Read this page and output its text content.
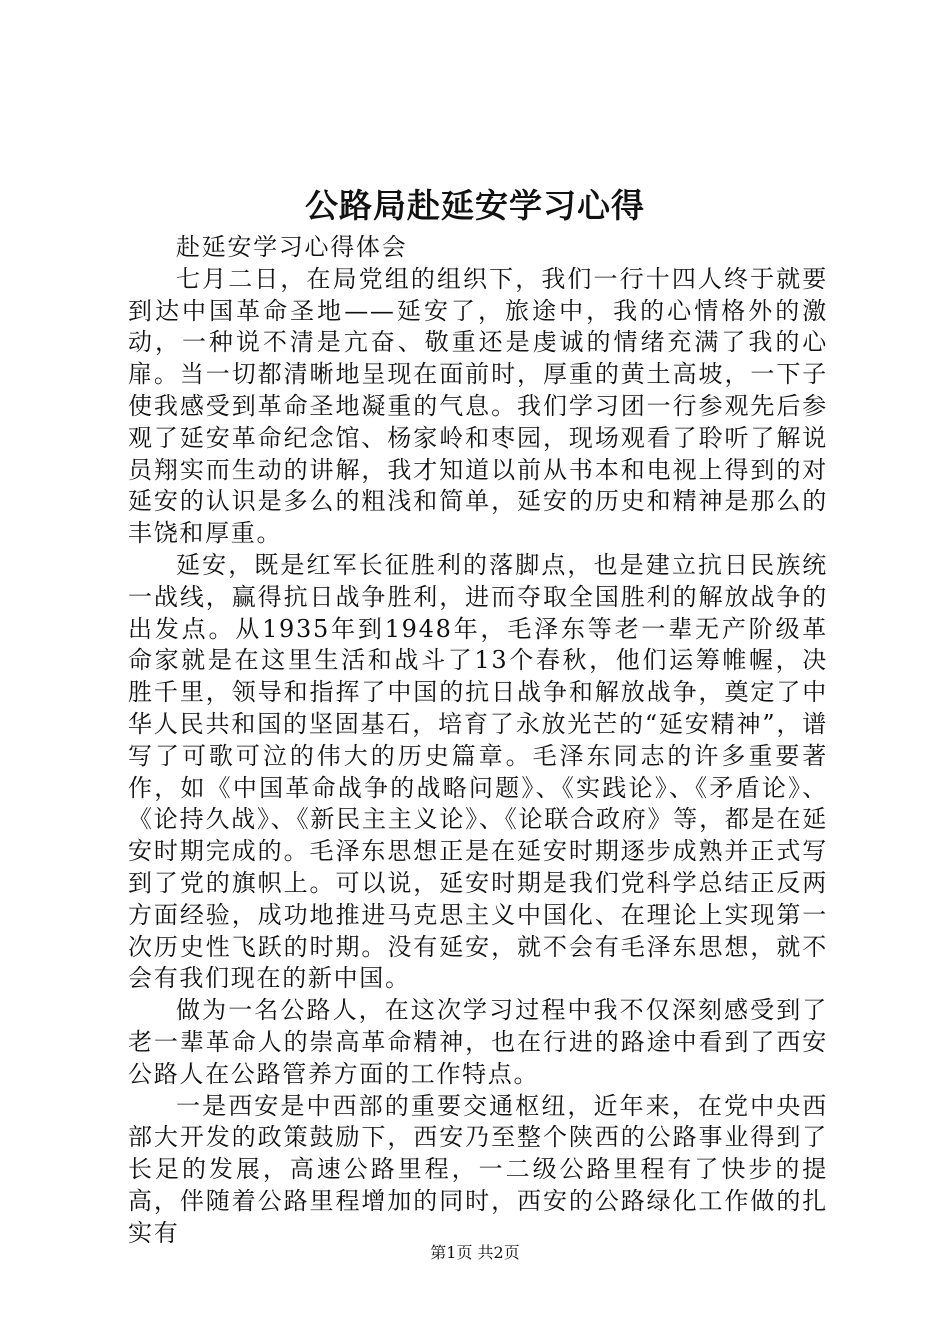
公路局赴延安学习心得

赴延安学习心得体会

七月二日，在局党组的组织下，我们一行十四人终于就要到达中国革命圣地——延安了，旅途中，我的心情格外的激动，一种说不清是亢奋、敬重还是虔诚的情绪充满了我的心扉。当一切都清晰地呈现在面前时，厚重的黄土高坡，一下子使我感受到革命圣地凝重的气息。我们学习团一行参观先后参观了延安革命纪念馆、杨家岭和枣园，现场观看了聆听了解说员翔实而生动的讲解，我才知道以前从书本和电视上得到的对延安的认识是多么的粗浅和简单，延安的历史和精神是那么的丰饶和厚重。

延安，既是红军长征胜利的落脚点，也是建立抗日民族统一战线，赢得抗日战争胜利，进而夺取全国胜利的解放战争的出发点。从1935年到1948年，毛泽东等老一辈无产阶级革命家就是在这里生活和战斗了13个春秋，他们运筹帷幄，决胜千里，领导和指挥了中国的抗日战争和解放战争，奠定了中华人民共和国的坚固基石，培育了永放光芒的“延安精神”，谱写了可歌可泣的伟大的历史篇章。毛泽东同志的许多重要著作，如《中国革命战争的战略问题》、《实践论》、《矛盾论》、《论持久战》、《新民主主义论》、《论联合政府》等，都是在延安时期完成的。毛泽东思想正是在延安时期逐步成熟并正式写到了党的旗帜上。可以说，延安时期是我们党科学总结正反两方面经验，成功地推进马克思主义中国化、在理论上实现第一次历史性飞跃的时期。没有延安，就不会有毛泽东思想，就不会有我们现在的新中国。

做为一名公路人，在这次学习过程中我不仅深刻感受到了老一辈革命人的崇高革命精神，也在行进的路途中看到了西安公路人在公路管养方面的工作特点。

一是西安是中西部的重要交通枢纽，近年来，在党中央西部大开发的政策鼓励下，西安乃至整个陕西的公路事业得到了长足的发展，高速公路里程，一二级公路里程有了快步的提高，伴随着公路里程增加的同时，西安的公路绿化工作做的扎实有

第1页 共2页
